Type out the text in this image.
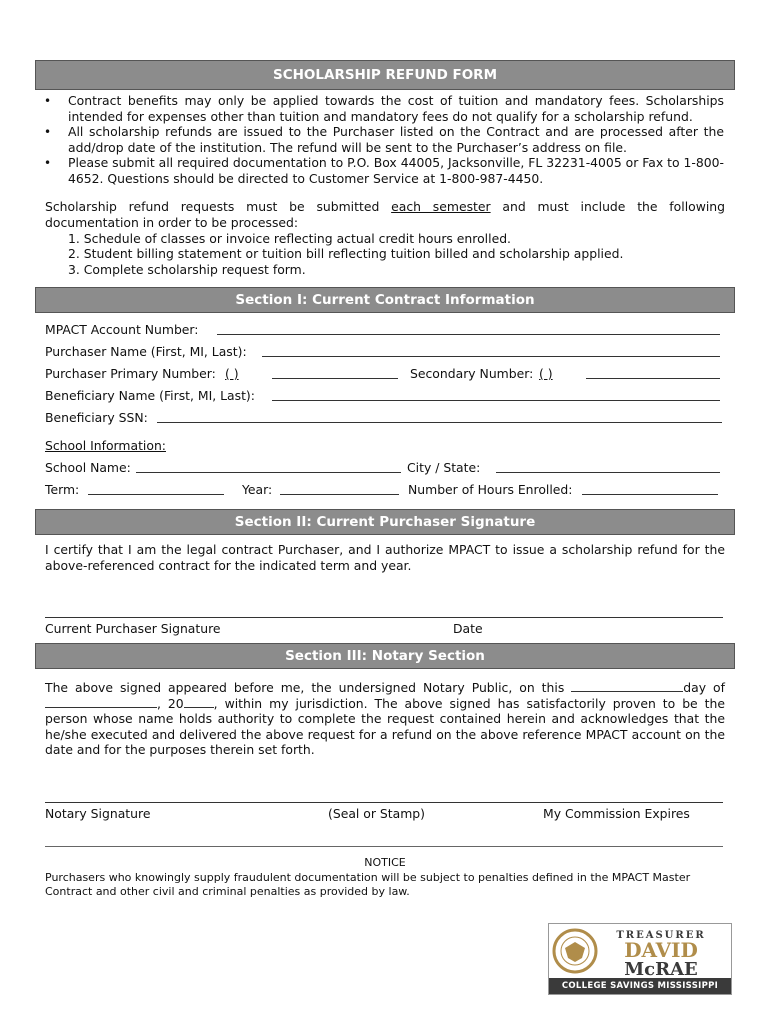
SCHOLARSHIP REFUND FORM
• Contract benefits may only be applied towards the cost of tuition and mandatory fees. Scholarships intended for expenses other than tuition and mandatory fees do not qualify for a scholarship refund.
• All scholarship refunds are issued to the Purchaser listed on the Contract and are processed after the add/drop date of the institution. The refund will be sent to the Purchaser’s address on file.
• Please submit all required documentation to P.O. Box 44005, Jacksonville, FL 32231-4005 or Fax to 1-800-4652. Questions should be directed to Customer Service at 1-800-987-4450.
Scholarship refund requests must be submitted each semester and must include the following documentation in order to be processed:
1. Schedule of classes or invoice reflecting actual credit hours enrolled.
2. Student billing statement or tuition bill reflecting tuition billed and scholarship applied.
3. Complete scholarship request form.
Section I: Current Contract Information
MPACT Account Number:
Purchaser Name (First, MI, Last):
Purchaser Primary Number: ( )	Secondary Number: ( )
Beneficiary Name (First, MI, Last):
Beneficiary SSN:
School Information:
School Name:	City / State:
Term:	Year:	Number of Hours Enrolled:
Section II: Current Purchaser Signature
I certify that I am the legal contract Purchaser, and I authorize MPACT to issue a scholarship refund for the above-referenced contract for the indicated term and year.
Current Purchaser Signature	Date
Section III: Notary Section
The above signed appeared before me, the undersigned Notary Public, on this	day of , 20 , within my jurisdiction. The above signed has satisfactorily proven to be the person whose name holds authority to complete the request contained herein and acknowledges that the he/she executed and delivered the above request for a refund on the above reference MPACT account on the date and for the purposes therein set forth.
Notary Signature	(Seal or Stamp)	My Commission Expires
NOTICE
Purchasers who knowingly supply fraudulent documentation will be subject to penalties defined in the MPACT Master Contract and other civil and criminal penalties as provided by law.
TREASURER
DAVID
McRAE
COLLEGE SAVINGS MISSISSIPPI
